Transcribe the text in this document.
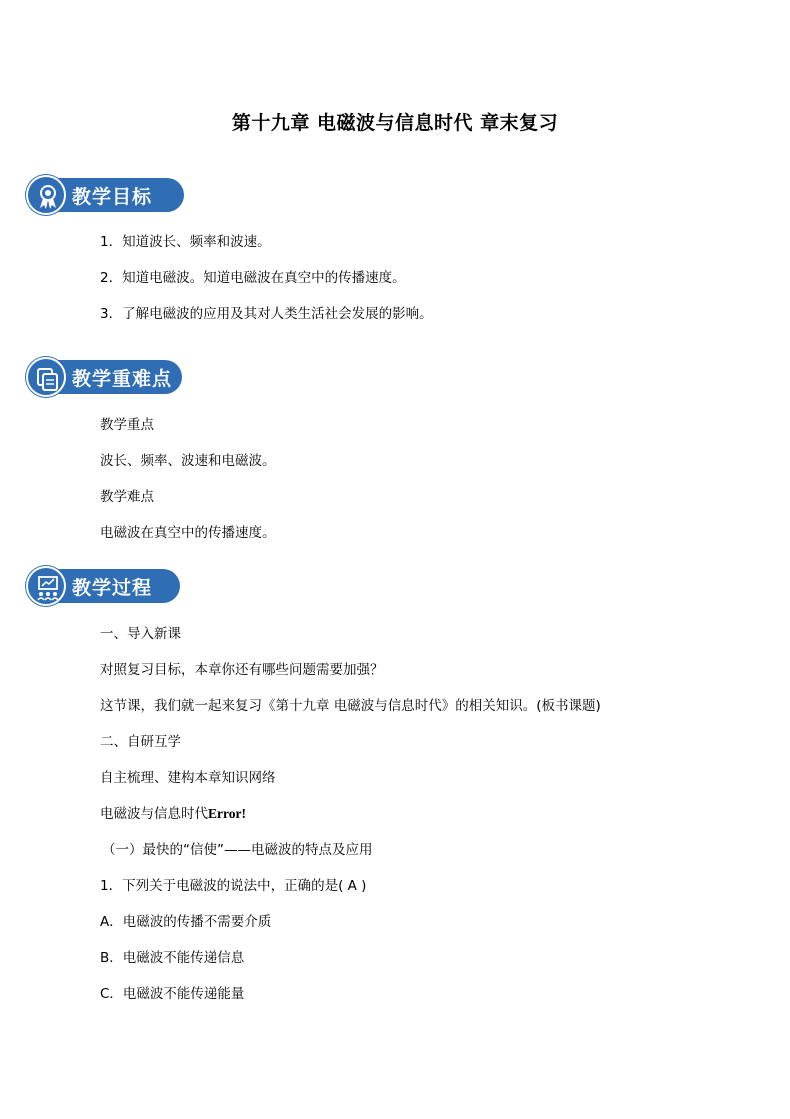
第十九章 电磁波与信息时代 章末复习
教学目标
1．知道波长、频率和波速。
2．知道电磁波。知道电磁波在真空中的传播速度。
3．了解电磁波的应用及其对人类生活社会发展的影响。
教学重难点
教学重点
波长、频率、波速和电磁波。
教学难点
电磁波在真空中的传播速度。
教学过程
一、导入新课
对照复习目标，本章你还有哪些问题需要加强？
这节课，我们就一起来复习《第十九章 电磁波与信息时代》的相关知识。(板书课题)
二、自研互学
自主梳理、建构本章知识网络
电磁波与信息时代Error!
（一）最快的“信使”——电磁波的特点及应用
1．下列关于电磁波的说法中，正确的是( A )
A．电磁波的传播不需要介质
B．电磁波不能传递信息
C．电磁波不能传递能量
